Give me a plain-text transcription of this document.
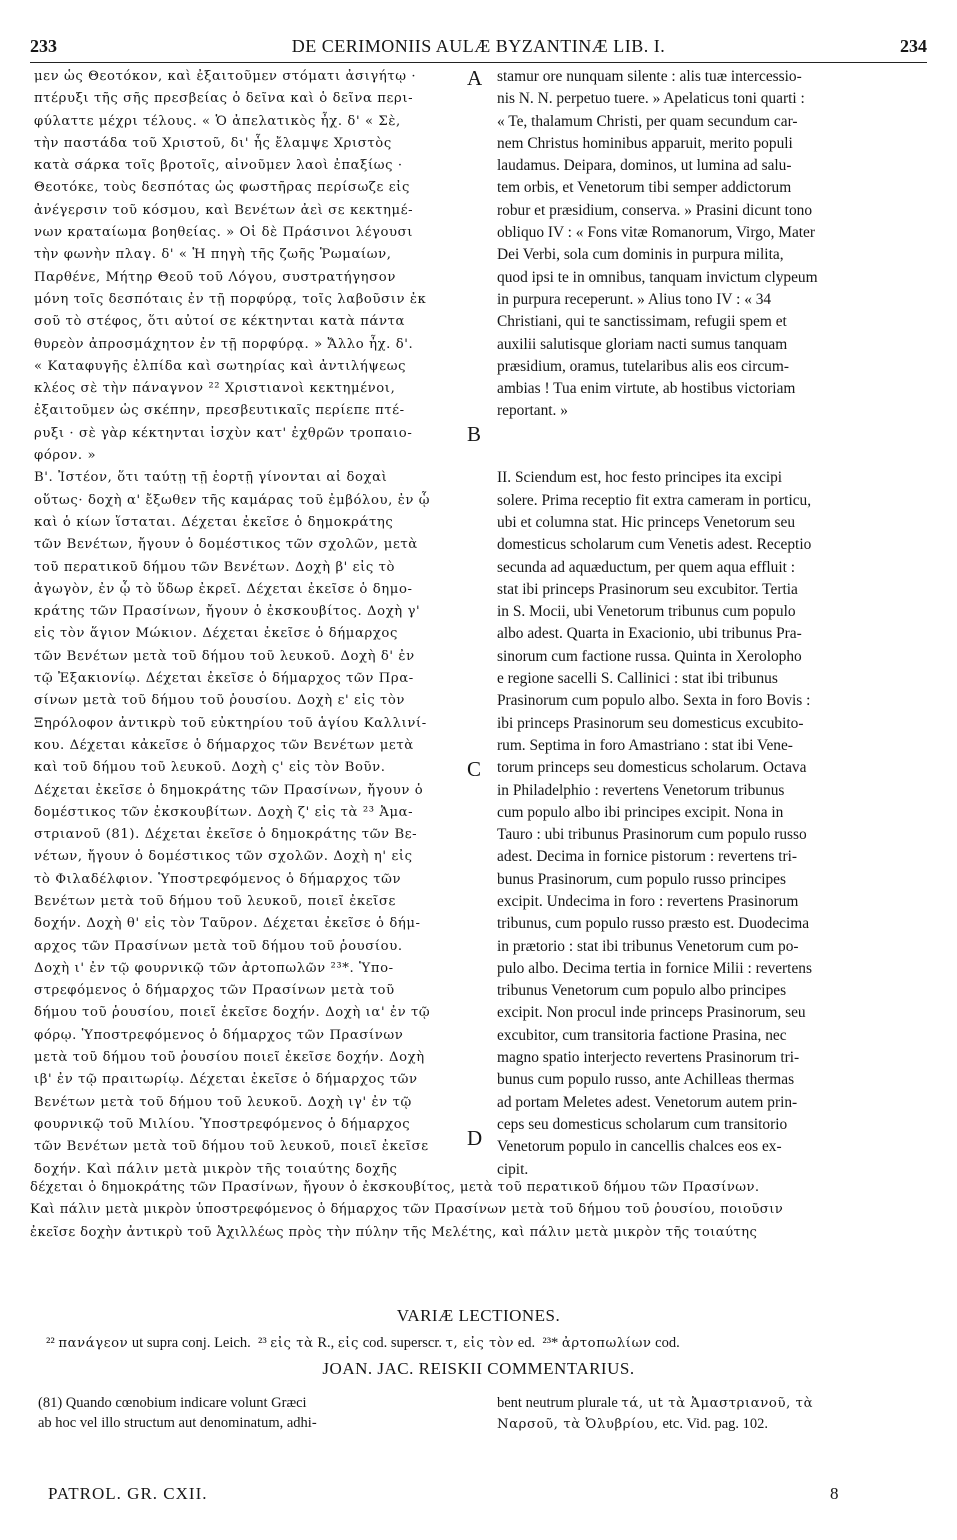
233	DE CERIMONIIS AULÆ BYZANTINÆ LIB. I.	234
μεν ὡς Θεοτόκον, καὶ ἐξαιτοῦμεν στόματι ἀσιγήτῳ ·
πτέρυξι τῆς σῆς πρεσβείας ὁ δεῖνα καὶ ὁ δεῖνα περι-
φύλαττε μέχρι τέλους. « Ὁ ἀπελατικὸς ἦχ. δ' « Σὲ,
τὴν παστάδα τοῦ Χριστοῦ, δι' ἧς ἔλαμψε Χριστὸς
κατὰ σάρκα τοῖς βροτοῖς, αἰνοῦμεν λαοὶ ἐπαξίως ·
Θεοτόκε, τοὺς δεσπότας ὡς φωστῆρας περίσωζε εἰς
ἀνέγερσιν τοῦ κόσμου, καὶ Βενέτων ἀεὶ σε κεκτημέ-
νων κραταίωμα βοηθείας. » Οἱ δὲ Πράσινοι λέγουσι
τὴν φωνὴν πλαγ. δ' « Ἡ πηγὴ τῆς ζωῆς Ῥωμαίων,
Παρθένε, Μήτηρ Θεοῦ τοῦ Λόγου, συστρατήγησον
μόνη τοῖς δεσπόταις ἐν τῇ πορφύρᾳ, τοῖς λαβοῦσιν ἐκ
σοῦ τὸ στέφος, ὅτι αὐτοί σε κέκτηνται κατὰ πάντα
θυρεὸν ἀπροσμάχητον ἐν τῇ πορφύρᾳ. » Ἄλλο ἦχ. δ'.
« Καταφυγῆς ἐλπίδα καὶ σωτηρίας καὶ ἀντιλήψεως
κλέος σὲ τὴν πάναγνον ²² Χριστιανοὶ κεκτημένοι,
ἐξαιτοῦμεν ὡς σκέπην, πρεσβευτικαῖς περίεπε πτέ-
ρυξι · σὲ γὰρ κέκτηνται ἰσχὺν κατ' ἐχθρῶν τροπαιο-
φόρον. »
Β'. Ἰστέον, ὅτι ταύτῃ τῇ ἑορτῇ γίνονται αἱ δοχαὶ
οὕτως· δοχὴ α' ἔξωθεν τῆς καμάρας τοῦ ἐμβόλου, ἐν ᾧ
καὶ ὁ κίων ἵσταται. Δέχεται ἐκεῖσε ὁ δημοκράτης
τῶν Βενέτων, ἤγουν ὁ δομέστικος τῶν σχολῶν, μετὰ
τοῦ περατικοῦ δήμου τῶν Βενέτων. Δοχὴ β' εἰς τὸ
ἀγωγὸν, ἐν ᾧ τὸ ὕδωρ ἐκρεῖ. Δέχεται ἐκεῖσε ὁ δημο-
κράτης τῶν Πρασίνων, ἤγουν ὁ ἐκσκουβίτος. Δοχὴ γ'
εἰς τὸν ἅγιον Μώκιον. Δέχεται ἐκεῖσε ὁ δήμαρχος
τῶν Βενέτων μετὰ τοῦ δήμου τοῦ λευκοῦ. Δοχὴ δ' ἐν
τῷ Ἐξακιονίῳ. Δέχεται ἐκεῖσε ὁ δήμαρχος τῶν Πρα-
σίνων μετὰ τοῦ δήμου τοῦ ῥουσίου. Δοχὴ ε' εἰς τὸν
Ξηρόλοφον ἀντικρὺ τοῦ εὐκτηρίου τοῦ ἁγίου Καλλινί-
κου. Δέχεται κἀκεῖσε ὁ δήμαρχος τῶν Βενέτων μετὰ
καὶ τοῦ δήμου τοῦ λευκοῦ. Δοχὴ ς' εἰς τὸν Βοῦν.
Δέχεται ἐκεῖσε ὁ δημοκράτης τῶν Πρασίνων, ἤγουν ὁ
δομέστικος τῶν ἐκσκουβίτων. Δοχὴ ζ' εἰς τὰ ²³ Ἀμα-
στριανοῦ (81). Δέχεται ἐκεῖσε ὁ δημοκράτης τῶν Βε-
νέτων, ἤγουν ὁ δομέστικος τῶν σχολῶν. Δοχὴ η' εἰς
τὸ Φιλαδέλφιον. Ὑποστρεφόμενος ὁ δήμαρχος τῶν
Βενέτων μετὰ τοῦ δήμου τοῦ λευκοῦ, ποιεῖ ἐκεῖσε
δοχήν. Δοχὴ θ' εἰς τὸν Ταῦρον. Δέχεται ἐκεῖσε ὁ δήμ-
αρχος τῶν Πρασίνων μετὰ τοῦ δήμου τοῦ ῥουσίου.
Δοχὴ ι' ἐν τῷ φουρνικῷ τῶν ἀρτοπωλῶν ²³*. Ὑπο-
στρεφόμενος ὁ δήμαρχος τῶν Πρασίνων μετὰ τοῦ
δήμου τοῦ ῥουσίου, ποιεῖ ἐκεῖσε δοχήν. Δοχὴ ια' ἐν τῷ
φόρῳ. Ὑποστρεφόμενος ὁ δήμαρχος τῶν Πρασίνων
μετὰ τοῦ δήμου τοῦ ῥουσίου ποιεῖ ἐκεῖσε δοχήν. Δοχὴ
ιβ' ἐν τῷ πραιτωρίῳ. Δέχεται ἐκεῖσε ὁ δήμαρχος τῶν
Βενέτων μετὰ τοῦ δήμου τοῦ λευκοῦ. Δοχὴ ιγ' ἐν τῷ
φουρνικῷ τοῦ Μιλίου. Ὑποστρεφόμενος ὁ δήμαρχος
τῶν Βενέτων μετὰ τοῦ δήμου τοῦ λευκοῦ, ποιεῖ ἐκεῖσε
δοχήν. Καὶ πάλιν μετὰ μικρὸν τῆς τοιαύτης δοχῆς
stamur ore nunquam silente : alis tuæ intercessio-
nis N. N. perpetuo tuere. » Apelaticus toni quarti :
« Te, thalamum Christi, per quam secundum car-
nem Christus hominibus apparuit, merito populi
laudamus. Deipara, dominos, ut lumina ad salu-
tem orbis, et Venetorum tibi semper addictorum
robur et præsidium, conserva. » Prasini dicunt tono
obliquo IV : « Fons vitæ Romanorum, Virgo, Mater
Dei Verbi, sola cum dominis in purpura milita,
quod ipsi te in omnibus, tanquam invictum clypeum
in purpura receperunt. » Alius tono IV : « 34
Christiani, qui te sanctissimam, refugii spem et
auxilii salutisque gloriam nacti sumus tanquam
præsidium, oramus, tutelaribus alis eos circum-
ambias ! Tua enim virtute, ab hostibus victoriam
reportant. »
II. Sciendum est, hoc festo principes ita excipi
solere. Prima receptio fit extra cameram in porticu,
ubi et columna stat. Hic princeps Venetorum seu
domesticus scholarum cum Venetis adest. Receptio
secunda ad aquæductum, per quem aqua effluit :
stat ibi princeps Prasinorum seu excubitor. Tertia
in S. Mocii, ubi Venetorum tribunus cum populo
albo adest. Quarta in Exacionio, ubi tribunus Pra-
sinorum cum factione russa. Quinta in Xerolopho
e regione sacelli S. Callinici : stat ibi tribunus
Prasinorum cum populo albo. Sexta in foro Bovis :
ibi princeps Prasinorum seu domesticus excubito-
rum. Septima in foro Amastriano : stat ibi Vene-
torum princeps seu domesticus scholarum. Octava
in Philadelphio : revertens Venetorum tribunus
cum populo albo ibi principes excipit. Nona in
Tauro : ubi tribunus Prasinorum cum populo russo
adest. Decima in fornice pistorum : revertens tri-
bunus Prasinorum, cum populo russo principes
excipit. Undecima in foro : revertens Prasinorum
tribunus, cum populo russo præsto est. Duodecima
in prætorio : stat ibi tribunus Venetorum cum po-
pulo albo. Decima tertia in fornice Milii : revertens
tribunus Venetorum cum populo albo principes
excipit. Non procul inde princeps Prasinorum, seu
excubitor, cum transitoria factione Prasina, nec
magno spatio interjecto revertens Prasinorum tri-
bunus cum populo russo, ante Achilleas thermas
ad portam Meletes adest. Venetorum autem prin-
ceps seu domesticus scholarum cum transitorio
Venetorum populo in cancellis chalces eos ex-
cipit.
A
B
C
D
δέχεται ὁ δημοκράτης τῶν Πρασίνων, ἤγουν ὁ ἐκσκουβίτος, μετὰ τοῦ περατικοῦ δήμου τῶν Πρασίνων.
Καὶ πάλιν μετὰ μικρὸν ὑποστρεφόμενος ὁ δήμαρχος τῶν Πρασίνων μετὰ τοῦ δήμου τοῦ ῥουσίου, ποιοῦσιν
ἐκεῖσε δοχὴν ἀντικρὺ τοῦ Ἀχιλλέως πρὸς τὴν πύλην τῆς Μελέτης, καὶ πάλιν μετὰ μικρὸν τῆς τοιαύτης
VARIÆ LECTIONES.
²² πανάγεον ut supra conj. Leich. ²³ εἰς τὰ R., εἰς cod. superscr. τ, εἰς τὸν ed. ²³* ἀρτοπωλίων cod.
JOAN. JAC. REISKII COMMENTARIUS.
(81) Quando cœnobium indicare volunt Græci
ab hoc vel illo structum aut denominatum, adhi-
bent neutrum plurale τά, ut τὰ Ἀμαστριανοῦ, τὰ
Ναρσοῦ, τὰ Ὀλυβρίου, etc. Vid. pag. 102.
PATROL. GR. CXII.	8
